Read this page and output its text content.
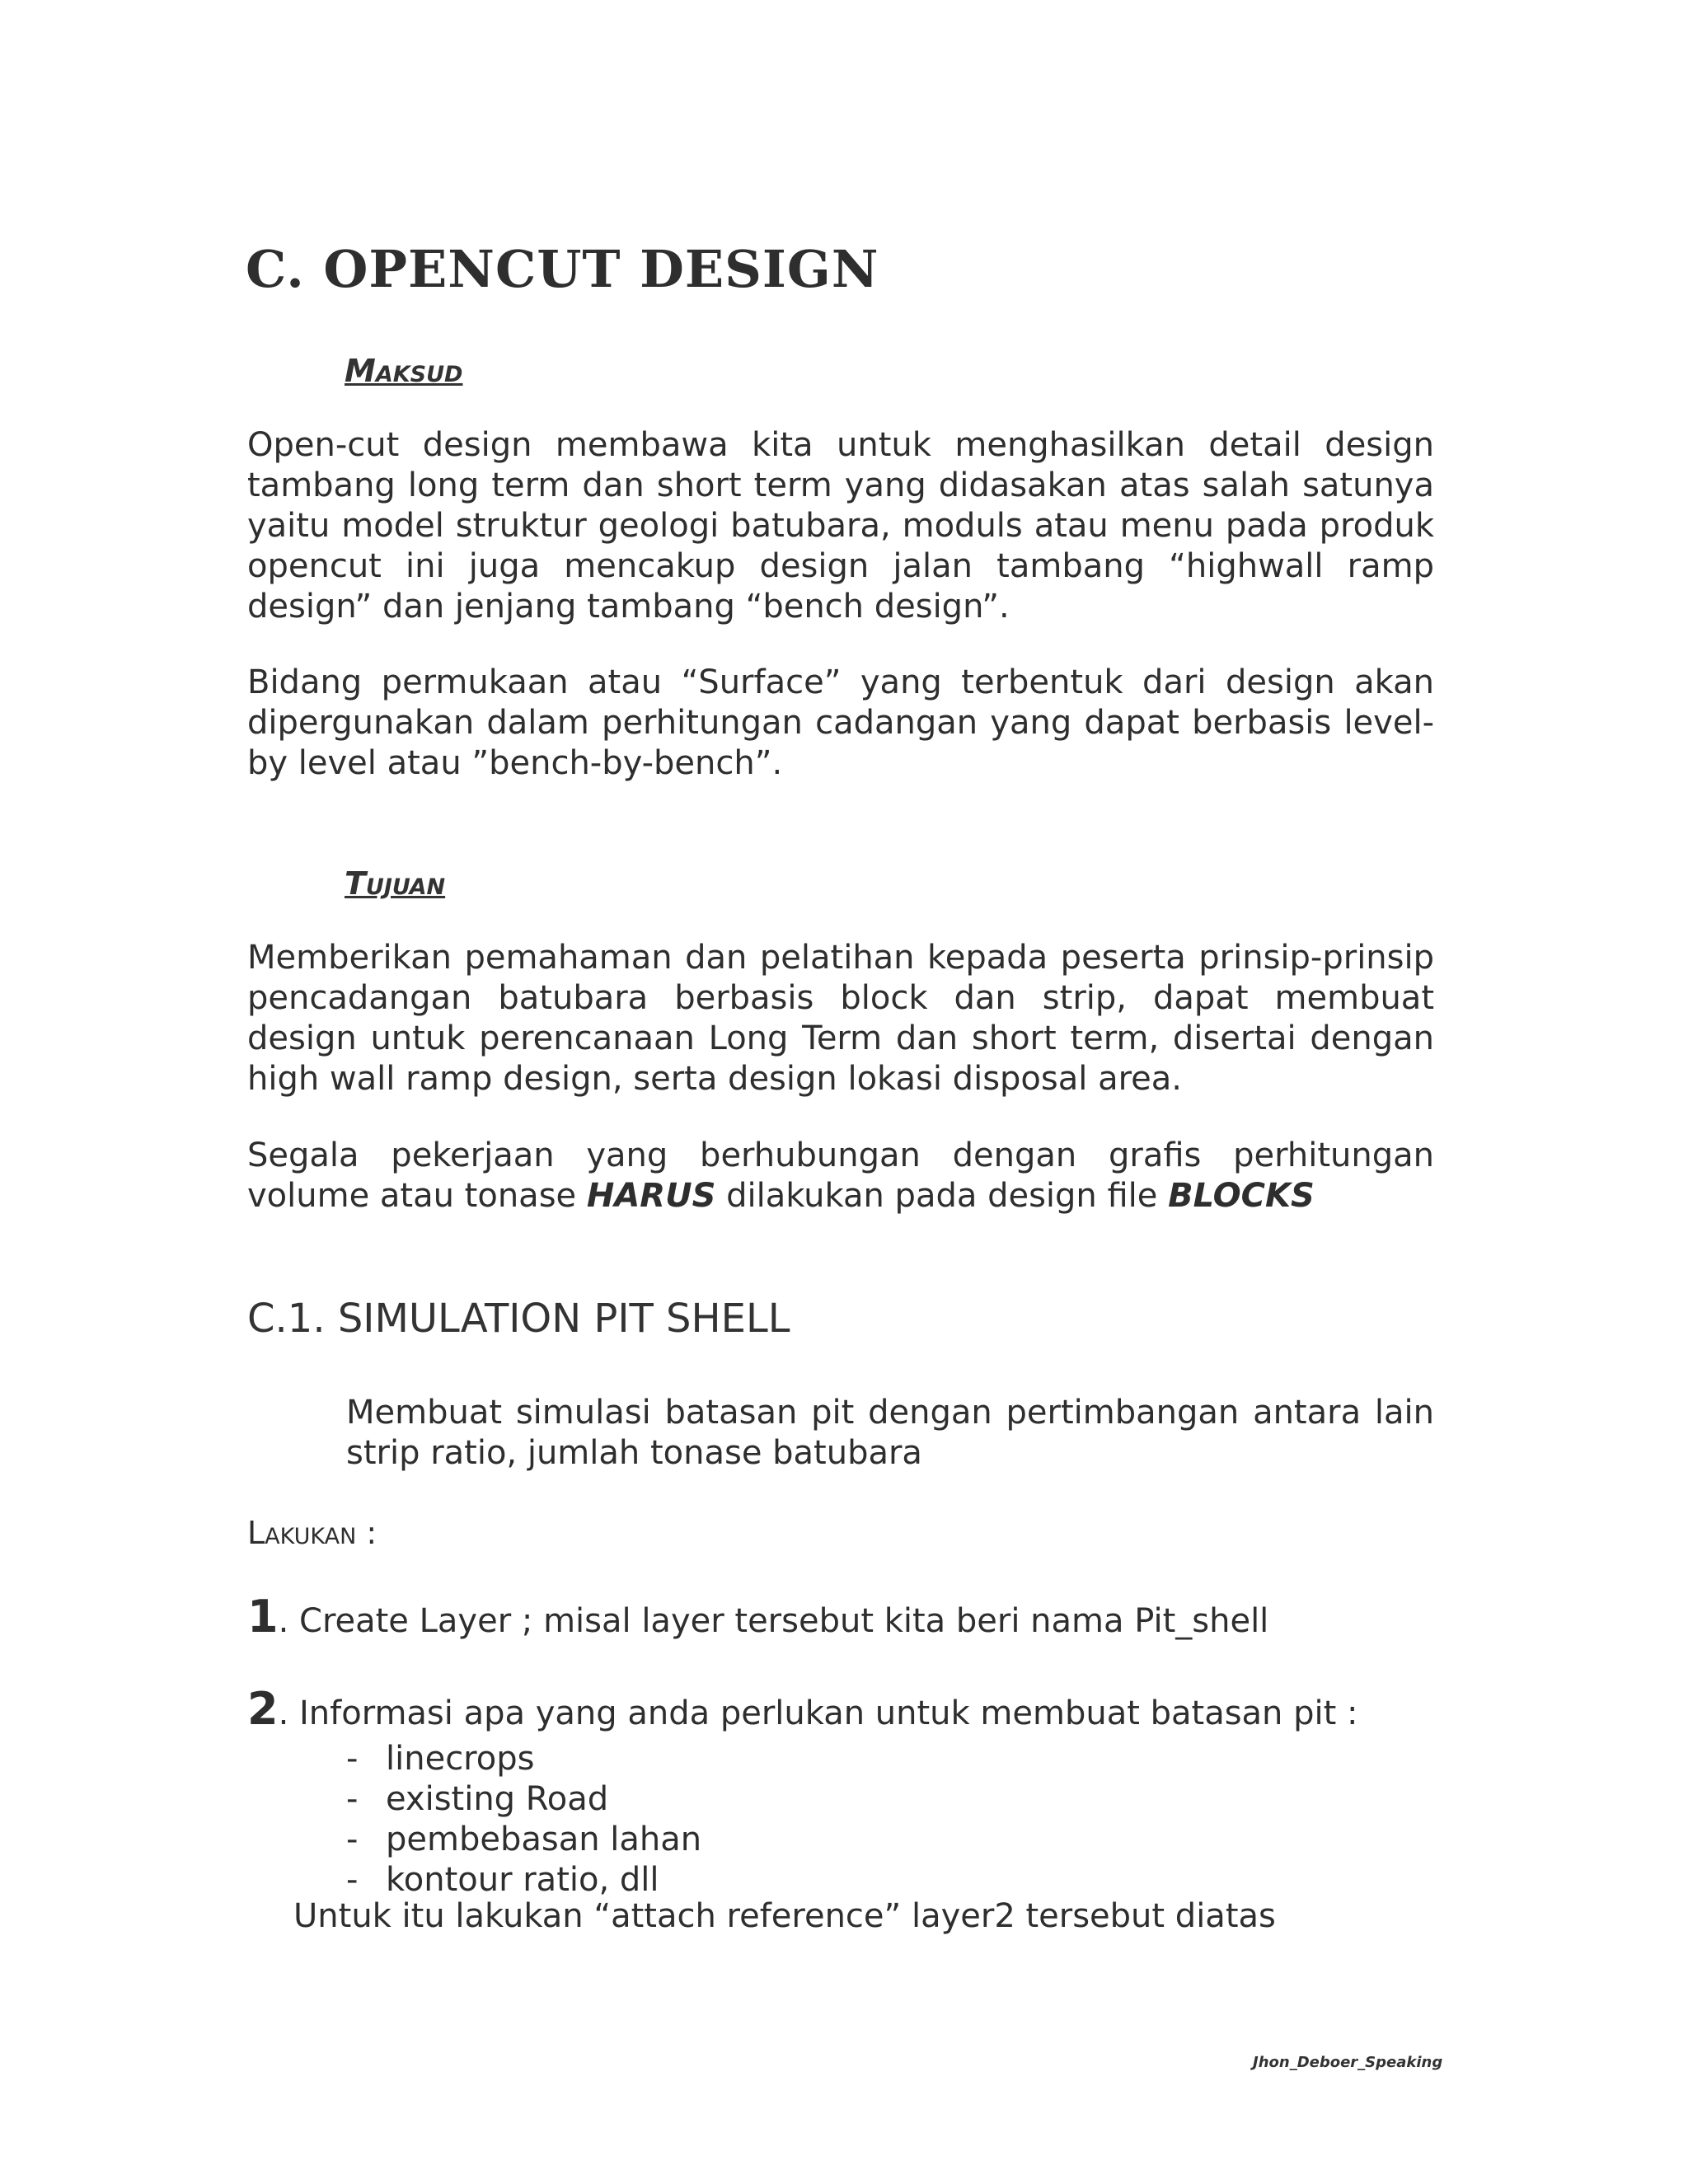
C. OPENCUT DESIGN
Maksud

Open-cut design membawa kita untuk menghasilkan detail design tambang long term dan short term yang didasakan atas salah satunya yaitu model struktur geologi batubara, moduls atau menu pada produk opencut ini juga mencakup design jalan tambang “highwall ramp design” dan jenjang tambang “bench design”.

Bidang permukaan atau “Surface” yang terbentuk dari design akan dipergunakan dalam perhitungan cadangan yang dapat berbasis level-by level atau ”bench-by-bench”.

Tujuan

Memberikan pemahaman dan pelatihan kepada peserta prinsip-prinsip pencadangan batubara berbasis block dan strip, dapat membuat design untuk perencanaan Long Term dan short term, disertai dengan high wall ramp design, serta design lokasi disposal area.

Segala pekerjaan yang berhubungan dengan grafis perhitungan volume atau tonase HARUS dilakukan pada design file BLOCKS

C.1. SIMULATION PIT SHELL

Membuat simulasi batasan pit dengan pertimbangan antara lain strip ratio, jumlah tonase batubara

Lakukan :
1. Create Layer ; misal layer tersebut kita beri nama Pit_shell
2. Informasi apa yang anda perlukan untuk membuat batasan pit :
- linecrops
- existing Road
- pembebasan lahan
- kontour ratio, dll
Untuk itu lakukan “attach reference” layer2 tersebut diatas
Jhon_Deboer_Speaking
